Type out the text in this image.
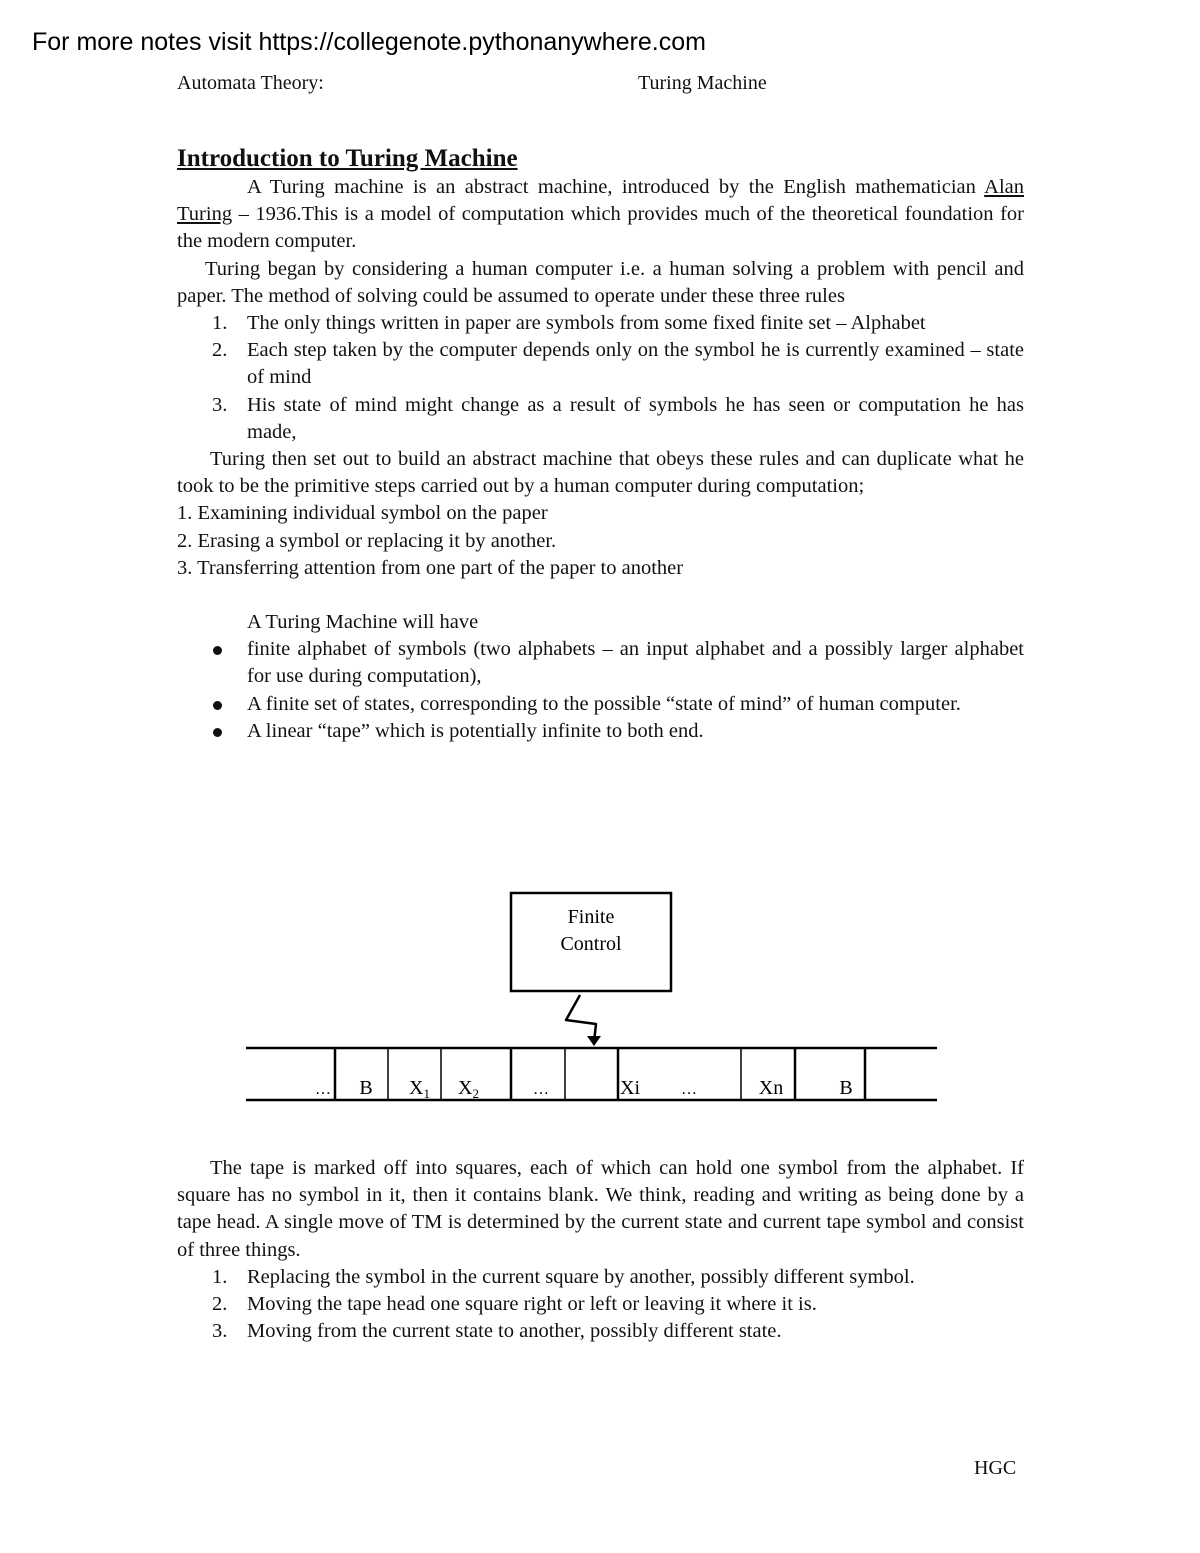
For more notes visit https://collegenote.pythonanywhere.com

Automata Theory:	Turing Machine
Introduction to Turing Machine

A Turing machine is an abstract machine, introduced by the English mathematician Alan Turing – 1936.This is a model of computation which provides much of the theoretical foundation for the modern computer.

Turing began by considering a human computer i.e. a human solving a problem with pencil and paper. The method of solving could be assumed to operate under these three rules

1. The only things written in paper are symbols from some fixed finite set – Alphabet
2. Each step taken by the computer depends only on the symbol he is currently examined – state of mind
3. His state of mind might change as a result of symbols he has seen or computation he has made,

Turing then set out to build an abstract machine that obeys these rules and can duplicate what he took to be the primitive steps carried out by a human computer during computation;

1. Examining individual symbol on the paper

2. Erasing a symbol or replacing it by another.

3. Transferring attention from one part of the paper to another

A Turing Machine will have

finite alphabet of symbols (two alphabets – an input alphabet and a possibly larger alphabet for use during computation),
A finite set of states, corresponding to the possible “state of mind” of human computer.
A linear “tape” which is potentially infinite to both end.
Finite
Control
… B $X_1$ $X_2$	…	Xi	…	Xn	B

The tape is marked off into squares, each of which can hold one symbol from the alphabet. If square has no symbol in it, then it contains blank. We think, reading and writing as being done by a tape head. A single move of TM is determined by the current state and current tape symbol and consist of three things.

1. Replacing the symbol in the current square by another, possibly different symbol.
2. Moving the tape head one square right or left or leaving it where it is.
3. Moving from the current state to another, possibly different state.
HGC
